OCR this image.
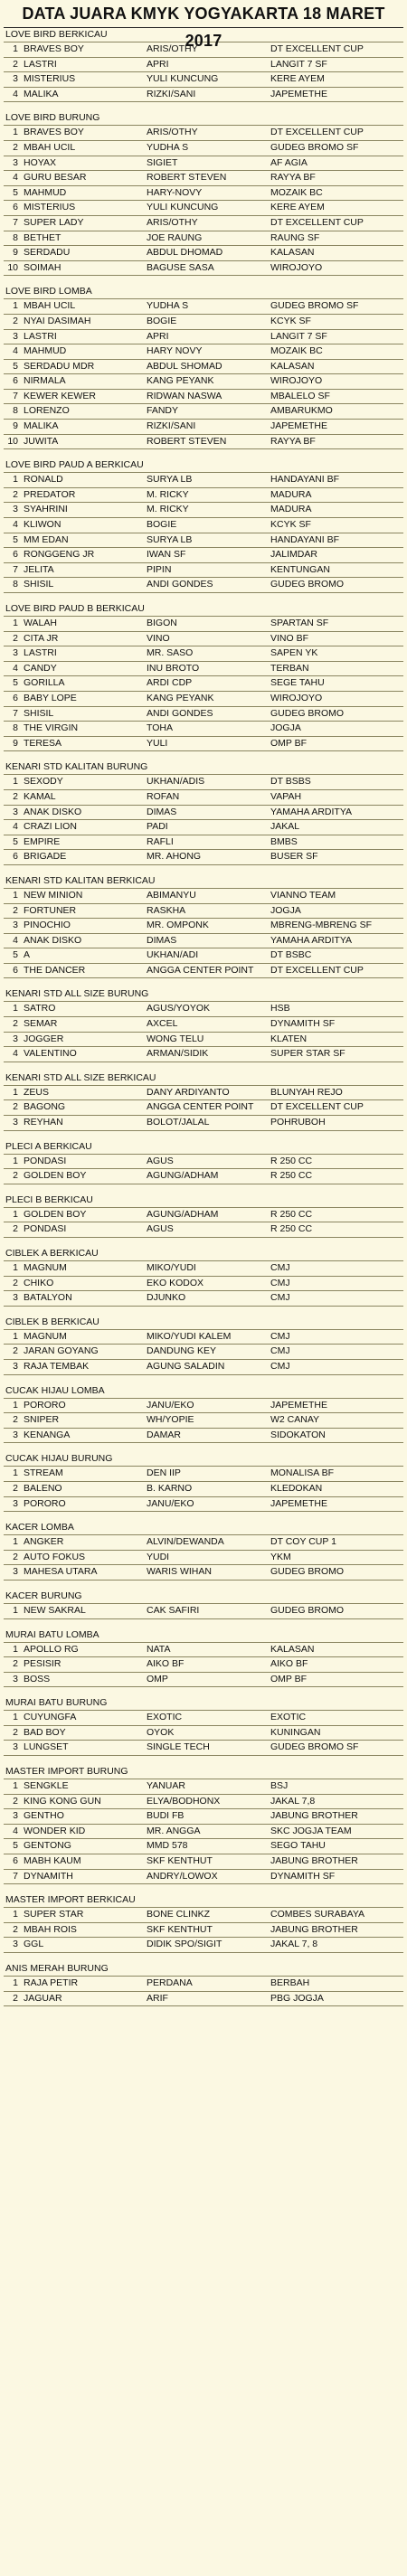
DATA JUARA KMYK YOGYAKARTA 18 MARET 2017
LOVE BIRD BERKICAU
1 BRAVES BOY	ARIS/OTHY	DT EXCELLENT CUP
2 LASTRI	APRI	LANGIT 7 SF
3 MISTERIUS	YULI KUNCUNG	KERE AYEM
4 MALIKA	RIZKI/SANI	JAPEMETHE
LOVE BIRD BURUNG
1 BRAVES BOY	ARIS/OTHY	DT EXCELLENT CUP
2 MBAH UCIL	YUDHA S	GUDEG BROMO SF
3 HOYAX	SIGIET	AF AGIA
4 GURU BESAR	ROBERT STEVEN	RAYYA BF
5 MAHMUD	HARY-NOVY	MOZAIK BC
6 MISTERIUS	YULI KUNCUNG	KERE AYEM
7 SUPER LADY	ARIS/OTHY	DT EXCELLENT CUP
8 BETHET	JOE RAUNG	RAUNG SF
9 SERDADU	ABDUL DHOMAD	KALASAN
10 SOIMAH	BAGUSE SASA	WIROJOYO
LOVE BIRD LOMBA
1 MBAH UCIL	YUDHA S	GUDEG BROMO SF
2 NYAI DASIMAH	BOGIE	KCYK SF
3 LASTRI	APRI	LANGIT 7 SF
4 MAHMUD	HARY NOVY	MOZAIK BC
5 SERDADU MDR	ABDUL SHOMAD	KALASAN
6 NIRMALA	KANG PEYANK	WIROJOYO
7 KEWER KEWER	RIDWAN NASWA	MBALELO SF
8 LORENZO	FANDY	AMBARUKMO
9 MALIKA	RIZKI/SANI	JAPEMETHE
10 JUWITA	ROBERT STEVEN	RAYYA BF
LOVE BIRD PAUD A BERKICAU
1 RONALD	SURYA LB	HANDAYANI BF
2 PREDATOR	M. RICKY	MADURA
3 SYAHRINI	M. RICKY	MADURA
4 KLIWON	BOGIE	KCYK SF
5 MM EDAN	SURYA LB	HANDAYANI BF
6 RONGGENG JR	IWAN SF	JALIMDAR
7 JELITA	PIPIN	KENTUNGAN
8 SHISIL	ANDI GONDES	GUDEG BROMO
LOVE BIRD PAUD B BERKICAU
1 WALAH	BIGON	SPARTAN SF
2 CITA JR	VINO	VINO BF
3 LASTRI	MR. SASO	SAPEN YK
4 CANDY	INU BROTO	TERBAN
5 GORILLA	ARDI CDP	SEGE TAHU
6 BABY LOPE	KANG PEYANK	WIROJOYO
7 SHISIL	ANDI GONDES	GUDEG BROMO
8 THE VIRGIN	TOHA	JOGJA
9 TERESA	YULI	OMP BF
KENARI STD KALITAN BURUNG
1 SEXODY	UKHAN/ADIS	DT BSBS
2 KAMAL	ROFAN	VAPAH
3 ANAK DISKO	DIMAS	YAMAHA ARDITYA
4 CRAZI LION	PADI	JAKAL
5 EMPIRE	RAFLI	BMBS
6 BRIGADE	MR. AHONG	BUSER SF
KENARI STD KALITAN BERKICAU
1 NEW MINION	ABIMANYU	VIANNO TEAM
2 FORTUNER	RASKHA	JOGJA
3 PINOCHIO	MR. OMPONK	MBRENG-MBRENG SF
4 ANAK DISKO	DIMAS	YAMAHA ARDITYA
5 A	UKHAN/ADI	DT BSBC
6 THE DANCER	ANGGA CENTER POINT	DT EXCELLENT CUP
KENARI STD ALL SIZE BURUNG
1 SATRO	AGUS/YOYOK	HSB
2 SEMAR	AXCEL	DYNAMITH SF
3 JOGGER	WONG TELU	KLATEN
4 VALENTINO	ARMAN/SIDIK	SUPER STAR SF
KENARI STD ALL SIZE BERKICAU
1 ZEUS	DANY ARDIYANTO	BLUNYAH REJO
2 BAGONG	ANGGA CENTER POINT	DT EXCELLENT CUP
3 REYHAN	BOLOT/JALAL	POHRUBOH
PLECI A BERKICAU
1 PONDASI	AGUS	R 250 CC
2 GOLDEN BOY	AGUNG/ADHAM	R 250 CC
PLECI B BERKICAU
1 GOLDEN BOY	AGUNG/ADHAM	R 250 CC
2 PONDASI	AGUS	R 250 CC
CIBLEK A BERKICAU
1 MAGNUM	MIKO/YUDI	CMJ
2 CHIKO	EKO KODOX	CMJ
3 BATALYON	DJUNKO	CMJ
CIBLEK B BERKICAU
1 MAGNUM	MIKO/YUDI KALEM	CMJ
2 JARAN GOYANG	DANDUNG KEY	CMJ
3 RAJA TEMBAK	AGUNG SALADIN	CMJ
CUCAK HIJAU LOMBA
1 PORORO	JANU/EKO	JAPEMETHE
2 SNIPER	WH/YOPIE	W2 CANAY
3 KENANGA	DAMAR	SIDOKATON
CUCAK HIJAU BURUNG
1 STREAM	DEN IIP	MONALISA BF
2 BALENO	B. KARNO	KLEDOKAN
3 PORORO	JANU/EKO	JAPEMETHE
KACER LOMBA
1 ANGKER	ALVIN/DEWANDA	DT COY CUP 1
2 AUTO FOKUS	YUDI	YKM
3 MAHESA UTARA	WARIS WIHAN	GUDEG BROMO
KACER BURUNG
1 NEW SAKRAL	CAK SAFIRI	GUDEG BROMO
MURAI BATU LOMBA
1 APOLLO RG	NATA	KALASAN
2 PESISIR	AIKO BF	AIKO BF
3 BOSS	OMP	OMP BF
MURAI BATU BURUNG
1 CUYUNGFA	EXOTIC	EXOTIC
2 BAD BOY	OYOK	KUNINGAN
3 LUNGSET	SINGLE TECH	GUDEG BROMO SF
MASTER IMPORT BURUNG
1 SENGKLE	YANUAR	BSJ
2 KING KONG GUN	ELYA/BODHONX	JAKAL 7,8
3 GENTHO	BUDI FB	JABUNG BROTHER
4 WONDER KID	MR. ANGGA	SKC JOGJA TEAM
5 GENTONG	MMD 578	SEGO TAHU
6 MABH KAUM	SKF KENTHUT	JABUNG BROTHER
7 DYNAMITH	ANDRY/LOWOX	DYNAMITH SF
MASTER IMPORT BERKICAU
1 SUPER STAR	BONE CLINKZ	COMBES SURABAYA
2 MBAH ROIS	SKF KENTHUT	JABUNG BROTHER
3 GGL	DIDIK SPO/SIGIT	JAKAL 7, 8
ANIS MERAH BURUNG
1 RAJA PETIR	PERDANA	BERBAH
2 JAGUAR	ARIF	PBG JOGJA
